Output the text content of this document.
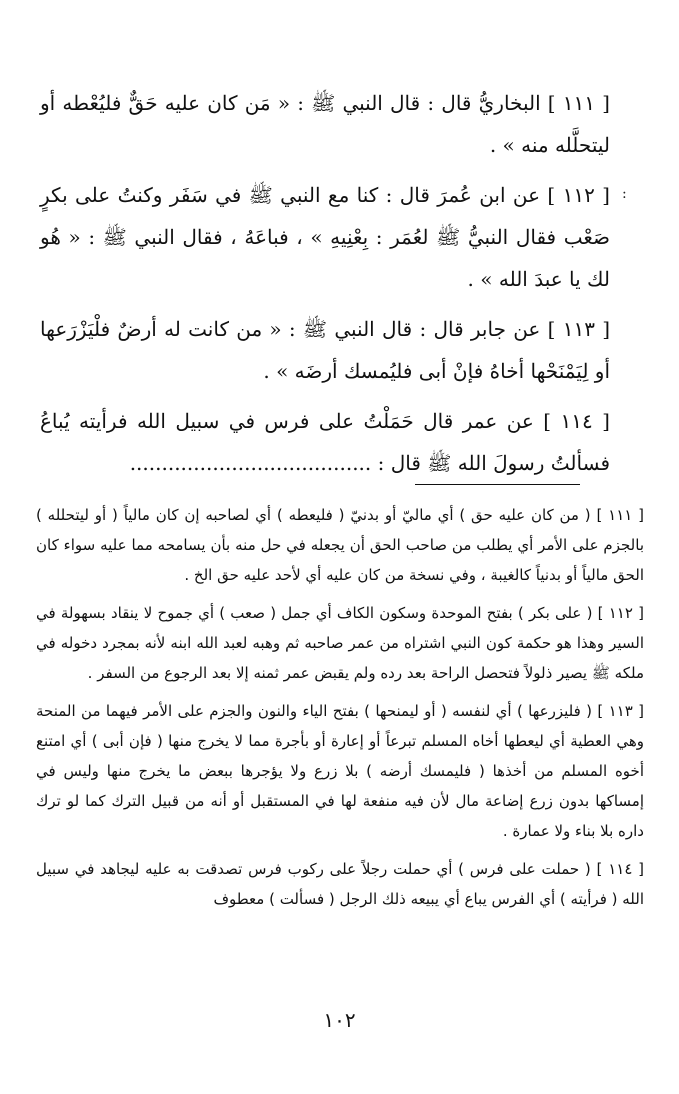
[ ١١١ ] البخاريُّ قال : قال النبي ﷺ : « مَن كان عليه حَقٌّ فليُعْطه أو ليتحلَّله منه » .

[ ١١٢ ] عن ابن عُمرَ قال : كنا مع النبي ﷺ في سَفَر وكنتُ على بكرٍ صَعْب فقال النبيُّ ﷺ لعُمَر : بِعْنِيهِ » ، فباعَهُ ، فقال النبي ﷺ : « هُو لك يا عبدَ الله » .

[ ١١٣ ] عن جابر قال : قال النبي ﷺ : « من كانت له أرضٌ فلْيَزْرَعها أو لِيَمْنَحْها أخاهُ فإنْ أبى فليُمسك أرضَه » .

[ ١١٤ ] عن عمر قال حَمَلْتُ على فرس في سبيل الله فرأيته يُباعُ فسألتُ رسولَ الله ﷺ قال : ......................................

:

[ ١١١ ] ( من كان عليه حق ) أي ماليّ أو بدنيّ ( فليعطه ) أي لصاحبه إن كان مالياً ( أو ليتحلله ) بالجزم على الأمر أي يطلب من صاحب الحق أن يجعله في حل منه بأن يسامحه مما عليه سواء كان الحق مالياً أو بدنياً كالغيبة ، وفي نسخة من كان عليه أي لأحد عليه حق الخ .

[ ١١٢ ] ( على بكر ) بفتح الموحدة وسكون الكاف أي جمل ( صعب ) أي جموح لا ينقاد بسهولة في السير وهذا هو حكمة كون النبي اشتراه من عمر صاحبه ثم وهبه لعبد الله ابنه لأنه بمجرد دخوله في ملكه ﷺ يصير ذلولاً فتحصل الراحة بعد رده ولم يقبض عمر ثمنه إلا بعد الرجوع من السفر .

[ ١١٣ ] ( فليزرعها ) أي لنفسه ( أو ليمنحها ) بفتح الياء والنون والجزم على الأمر فيهما من المنحة وهي العطية أي ليعطها أخاه المسلم تبرعاً أو إعارة أو بأجرة مما لا يخرج منها ( فإن أبى ) أي امتنع أخوه المسلم من أخذها ( فليمسك أرضه ) بلا زرع ولا يؤجرها ببعض ما يخرج منها وليس في إمساكها بدون زرع إضاعة مال لأن فيه منفعة لها في المستقبل أو أنه من قبيل الترك كما لو ترك داره بلا بناء ولا عمارة .

[ ١١٤ ] ( حملت على فرس ) أي حملت رجلاً على ركوب فرس تصدقت به عليه ليجاهد في سبيل الله ( فرأيته ) أي الفرس يباع أي يبيعه ذلك الرجل ( فسألت ) معطوف

١٠٢
